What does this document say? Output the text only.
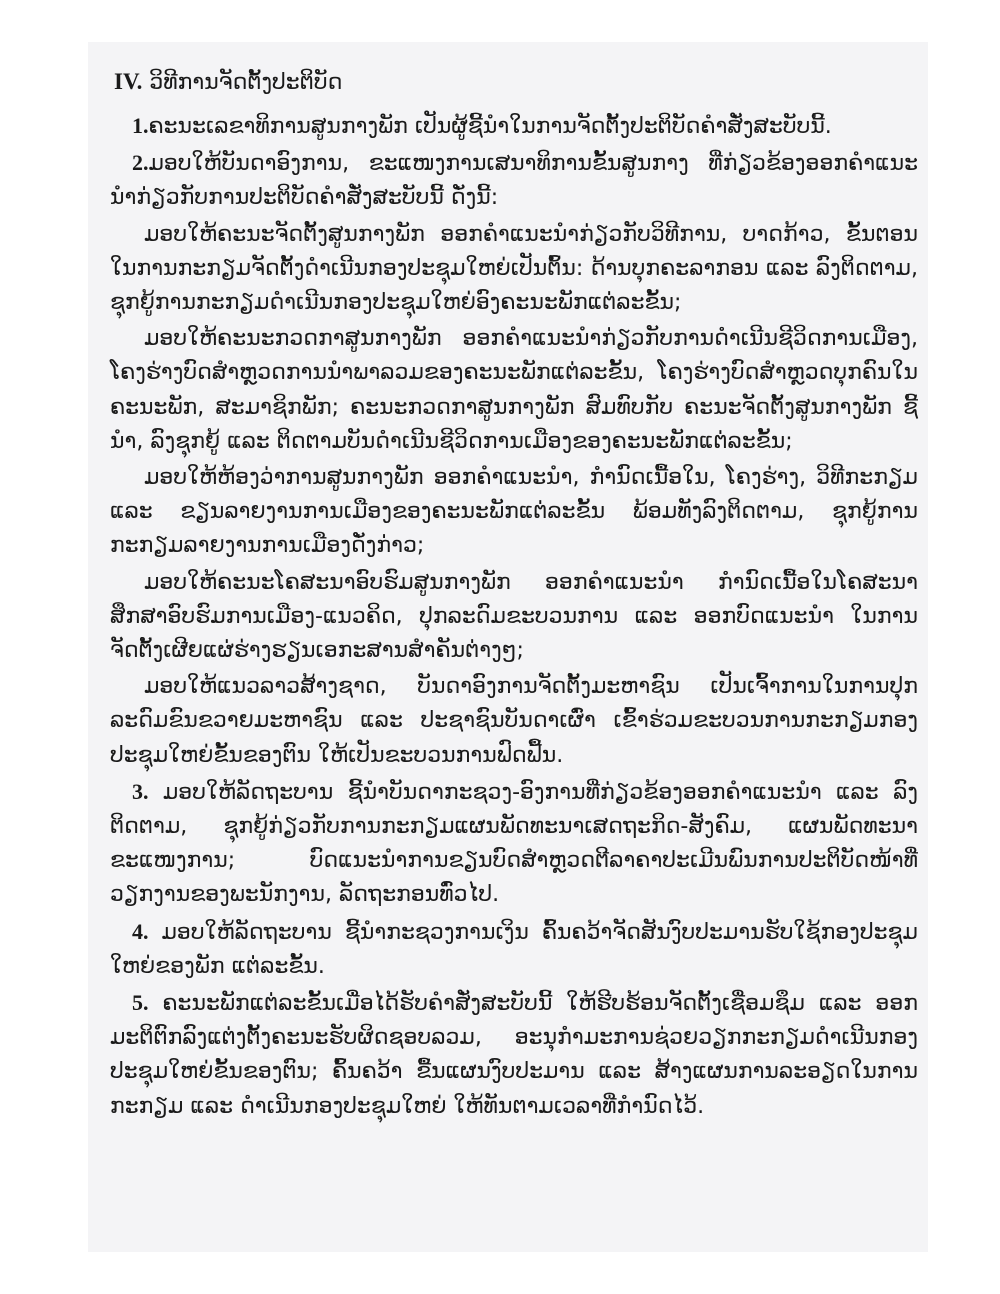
IV. ວິທີການຈັດຕັ້ງປະຕິບັດ

1.ຄະນະເລຂາທິການສູນກາງພັກ ເປັນຜູ້ຊີ້ນໍາໃນການຈັດຕັ້ງປະຕິບັດຄໍາສັ່ງສະບັບນີ້.

2.ມອບໃຫ້ບັນດາອົງການ, ຂະແໜງການເສນາທິການຂັ້ນສູນກາງ ທີ່ກ່ຽວຂ້ອງອອກຄໍາແນະນໍາກ່ຽວກັບການປະຕິບັດຄໍາສັ່ງສະບັບນີ້ ດັ່ງນີ້:

ມອບໃຫ້ຄະນະຈັດຕັ້ງສູນກາງພັກ ອອກຄໍາແນະນໍາກ່ຽວກັບວິທີການ, ບາດກ້າວ, ຂັ້ນຕອນໃນການກະກຽມຈັດຕັ້ງດໍາເນີນກອງປະຊຸມໃຫຍ່ເປັນຕົ້ນ: ດ້ານບຸກຄະລາກອນ ແລະ ລົງຕິດຕາມ, ຊຸກຍູ້ການກະກຽມດໍາເນີນກອງປະຊຸມໃຫຍ່ອົງຄະນະພັກແຕ່ລະຂັ້ນ;

ມອບໃຫ້ຄະນະກວດກາສູນກາງພັກ ອອກຄໍາແນະນໍາກ່ຽວກັບການດໍາເນີນຊີວິດການເມືອງ, ໂຄງຮ່າງບົດສໍາຫຼວດການນໍາພາລວມຂອງຄະນະພັກແຕ່ລະຂັ້ນ, ໂຄງຮ່າງບົດສໍາຫຼວດບຸກຄົນໃນຄະນະພັກ, ສະມາຊິກພັກ; ຄະນະກວດກາສູນກາງພັກ ສົມທົບກັບ ຄະນະຈັດຕັ້ງສູນກາງພັກ ຊີ້ນໍາ, ລົງຊຸກຍູ້ ແລະ ຕິດຕາມບັນດໍາເນີນຊີວິດການເມືອງຂອງຄະນະພັກແຕ່ລະຂັ້ນ;

ມອບໃຫ້ຫ້ອງວ່າການສູນກາງພັກ ອອກຄໍາແນະນໍາ, ກໍານົດເນື້ອໃນ, ໂຄງຮ່າງ, ວິທີກະກຽມ ແລະ ຂຽນລາຍງານການເມືອງຂອງຄະນະພັກແຕ່ລະຂັ້ນ ພ້ອມທັງລົງຕິດຕາມ, ຊຸກຍູ້ການກະກຽມລາຍງານການເມືອງດັ່ງກ່າວ;

ມອບໃຫ້ຄະນະໂຄສະນາອົບຮົມສູນກາງພັກ ອອກຄໍາແນະນໍາ ກໍານົດເນື້ອໃນໂຄສະນາສຶກສາອົບຮົມການເມືອງ-ແນວຄິດ, ປຸກລະດົມຂະບວນການ ແລະ ອອກບົດແນະນໍາ ໃນການຈັດຕັ້ງເຜີຍແຜ່ຮ່າງຮຽນເອກະສານສໍາຄັນຕ່າງໆ;

ມອບໃຫ້ແນວລາວສ້າງຊາດ, ບັນດາອົງການຈັດຕັ້ງມະຫາຊົນ ເປັນເຈົ້າການໃນການປຸກລະດົມຂົນຂວາຍມະຫາຊົນ ແລະ ປະຊາຊົນບັນດາເຜົ່າ ເຂົ້າຮ່ວມຂະບວນການກະກຽມກອງປະຊຸມໃຫຍ່ຂັ້ນຂອງຕົນ ໃຫ້ເປັນຂະບວນການຟົດຟື້ນ.

3. ມອບໃຫ້ລັດຖະບານ ຊີ້ນໍາບັນດາກະຊວງ-ອົງການທີ່ກ່ຽວຂ້ອງອອກຄໍາແນະນໍາ ແລະ ລົງຕິດຕາມ, ຊຸກຍູ້ກ່ຽວກັບການກະກຽມແຜນພັດທະນາເສດຖະກິດ-ສັງຄົມ, ແຜນພັດທະນາຂະແໜງການ; ບົດແນະນໍາການຂຽນບົດສໍາຫຼວດຕີລາຄາປະເມີນພົນການປະຕິບັດໜ້າທີ່ວຽກງານຂອງພະນັກງານ, ລັດຖະກອນທົ່ວໄປ.

4. ມອບໃຫ້ລັດຖະບານ ຊີ້ນໍາກະຊວງການເງິນ ຄົ້ນຄວ້າຈັດສັນງົບປະມານຮັບໃຊ້ກອງປະຊຸມໃຫຍ່ຂອງພັກ ແຕ່ລະຂັ້ນ.

5. ຄະນະພັກແຕ່ລະຂັ້ນເມື່ອໄດ້ຮັບຄໍາສັ່ງສະບັບນີ້ ໃຫ້ຮີບຮ້ອນຈັດຕັ້ງເຊື່ອມຊຶມ ແລະ ອອກມະຕິຕົກລົງແຕ່ງຕັ້ງຄະນະຮັບຜິດຊອບລວມ, ອະນຸກໍາມະການຊ່ວຍວຽກກະກຽມດໍາເນີນກອງປະຊຸມໃຫຍ່ຂັ້ນຂອງຕົນ; ຄົ້ນຄວ້າ ຂື້ນແຜນງົບປະມານ ແລະ ສ້າງແຜນການລະອຽດໃນການກະກຽມ ແລະ ດໍາເນີນກອງປະຊຸມໃຫຍ່ ໃຫ້ທັນຕາມເວລາທີ່ກໍານົດໄວ້.
